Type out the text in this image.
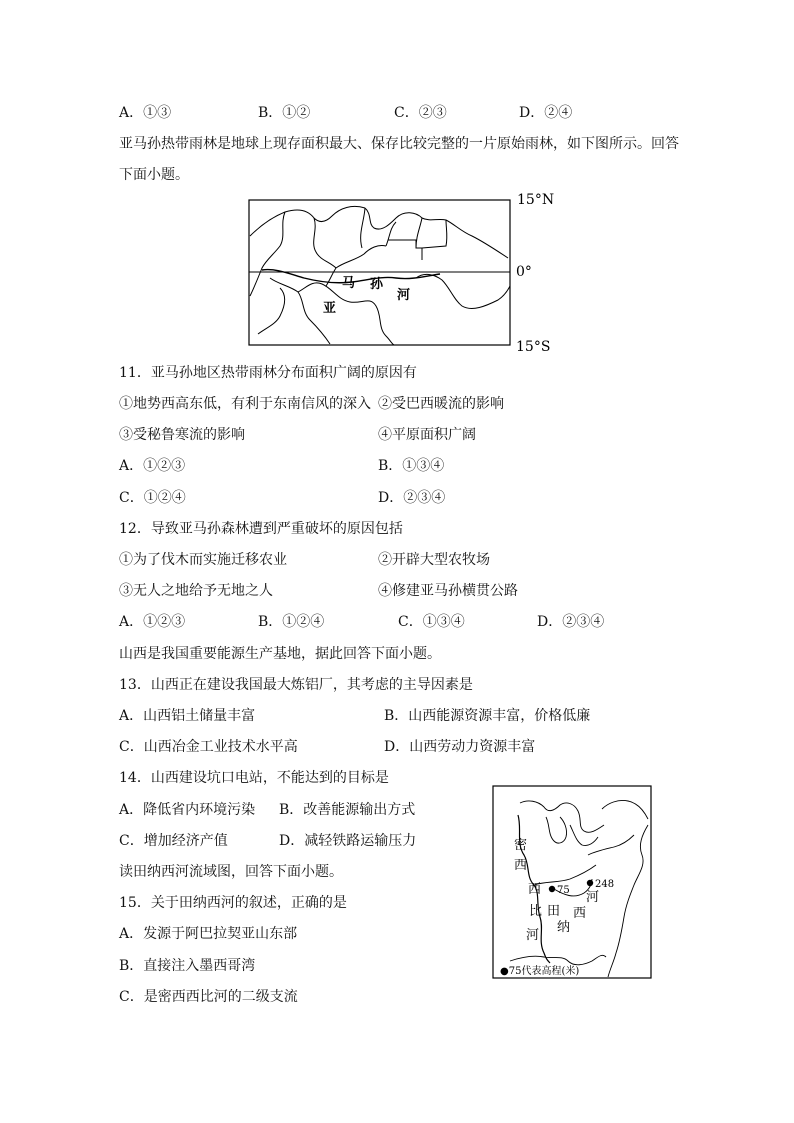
A．①③	B．①②	C．②③	D．②④
亚马孙热带雨林是地球上现存面积最大、保存比较完整的一片原始雨林，如下图所示。回答
下面小题。
15°N
0°
15°S
马 孙
河
亚
11．亚马孙地区热带雨林分布面积广阔的原因有
①地势西高东低，有利于东南信风的深入 ②受巴西暖流的影响
③受秘鲁寒流的影响	④平原面积广阔
A．①②③	B．①③④
C．①②④	D．②③④
12．导致亚马孙森林遭到严重破坏的原因包括
①为了伐木而实施迁移农业	②开辟大型农牧场
③无人之地给予无地之人	④修建亚马孙横贯公路
A．①②③	B．①②④	C．①③④	D．②③④
山西是我国重要能源生产基地，据此回答下面小题。
13．山西正在建设我国最大炼铝厂，其考虑的主导因素是
A．山西铝土储量丰富	B．山西能源资源丰富，价格低廉
C．山西冶金工业技术水平高	D．山西劳动力资源丰富
14．山西建设坑口电站，不能达到的目标是
A．降低省内环境污染 B．改善能源输出方式
C．增加经济产值	D．减轻铁路运输压力
读田纳西河流域图，回答下面小题。
15．关于田纳西河的叙述，正确的是
A．发源于阿巴拉契亚山东部
B．直接注入墨西哥湾
C．是密西西比河的二级支流
75
248
密
西
西
比
河
田
纳
西
河
●75代表高程(米)
